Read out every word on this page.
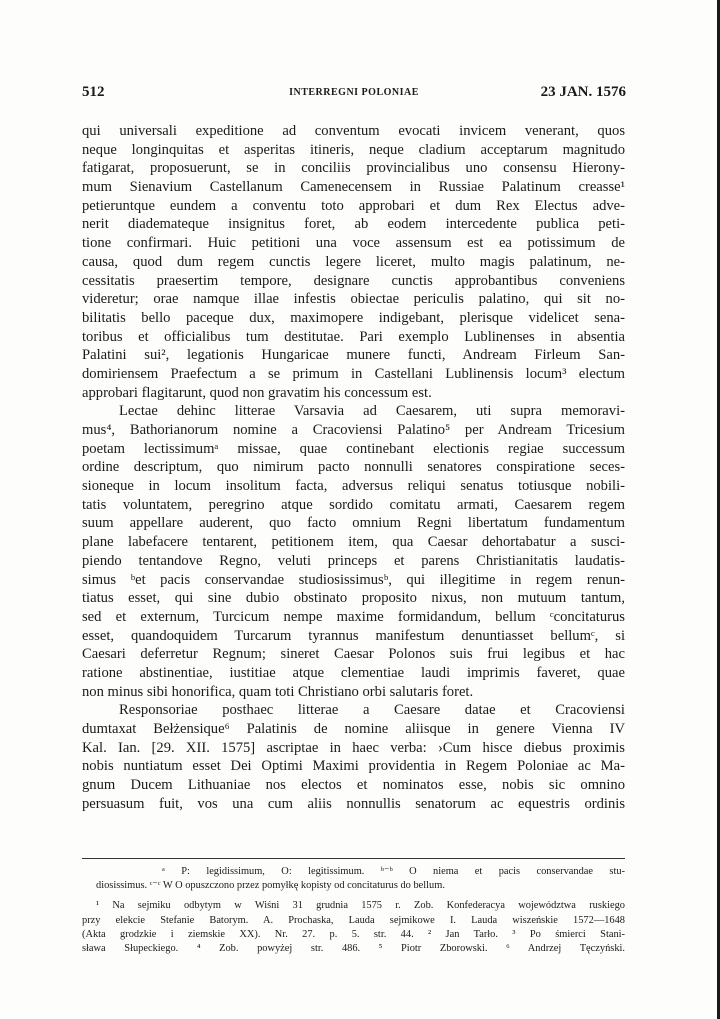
512	INTERREGNI POLONIAE	23 JAN. 1576
qui universali expeditione ad conventum evocati invicem venerant, quos
neque longinquitas et asperitas itineris, neque cladium acceptarum magnitudo
fatigarat, proposuerunt, se in conciliis provincialibus uno consensu Hierony-
mum Sienavium Castellanum Camenecensem in Russiae Palatinum creasse¹
petieruntque eundem a conventu toto approbari et dum Rex Electus adve-
nerit diademateque insignitus foret, ab eodem intercedente publica peti-
tione confirmari. Huic petitioni una voce assensum est ea potissimum de
causa, quod dum regem cunctis legere liceret, multo magis palatinum, ne-
cessitatis praesertim tempore, designare cunctis approbantibus conveniens
videretur; orae namque illae infestis obiectae periculis palatino, qui sit no-
bilitatis bello paceque dux, maximopere indigebant, plerisque videlicet sena-
toribus et officialibus tum destitutae. Pari exemplo Lublinenses in absentia
Palatini sui², legationis Hungaricae munere functi, Andream Firleum San-
domiriensem Praefectum a se primum in Castellani Lublinensis locum³ electum
approbari flagitarunt, quod non gravatim his concessum est.
Lectae dehinc litterae Varsavia ad Caesarem, uti supra memoravi-
mus⁴, Bathorianorum nomine a Cracoviensi Palatino⁵ per Andream Tricesium
poetam lectissimumᵃ missae, quae continebant electionis regiae successum
ordine descriptum, quo nimirum pacto nonnulli senatores conspiratione seces-
sioneque in locum insolitum facta, adversus reliqui senatus totiusque nobili-
tatis voluntatem, peregrino atque sordido comitatu armati, Caesarem regem
suum appellare auderent, quo facto omnium Regni libertatum fundamentum
plane labefacere tentarent, petitionem item, qua Caesar dehortabatur a susci-
piendo tentandove Regno, veluti princeps et parens Christianitatis laudatis-
simus ᵇet pacis conservandae studiosissimusᵇ, qui illegitime in regem renun-
tiatus esset, qui sine dubio obstinato proposito nixus, non mutuum tantum,
sed et externum, Turcicum nempe maxime formidandum, bellum ᶜconcitaturus
esset, quandoquidem Turcarum tyrannus manifestum denuntiasset bellumᶜ, si
Caesari deferretur Regnum; sineret Caesar Polonos suis frui legibus et hac
ratione abstinentiae, iustitiae atque clementiae laudi imprimis faveret, quae
non minus sibi honorifica, quam toti Christiano orbi salutaris foret.
Responsoriae posthaec litterae a Caesare datae et Cracoviensi
dumtaxat Bełżensique⁶ Palatinis de nomine aliisque in genere Vienna IV
Kal. Ian. [29. XII. 1575] ascriptae in haec verba: ›Cum hisce diebus proximis
nobis nuntiatum esset Dei Optimi Maximi providentia in Regem Poloniae ac Ma-
gnum Ducem Lithuaniae nos electos et nominatos esse, nobis sic omnino
persuasum fuit, vos una cum aliis nonnullis senatorum ac equestris ordinis
ᵃ P: legidissimum, O: legitissimum. ᵇ⁻ᵇ O niema et pacis conservandae stu-
diosissimus. ᶜ⁻ᶜ W O opuszczono przez pomyłkę kopisty od concitaturus do bellum.
¹ Na sejmiku odbytym w Wiśni 31 grudnia 1575 r. Zob. Konfederacya województwa ruskiego
przy elekcie Stefanie Batorym. A. Prochaska, Lauda sejmikowe I. Lauda wiszeńskie 1572—1648
(Akta grodzkie i ziemskie XX). Nr. 27. p. 5. str. 44. ² Jan Tarło. ³ Po śmierci Stani-
sława Słupeckiego. ⁴ Zob. powyżej str. 486. ⁵ Piotr Zborowski. ⁶ Andrzej Tęczyński.
